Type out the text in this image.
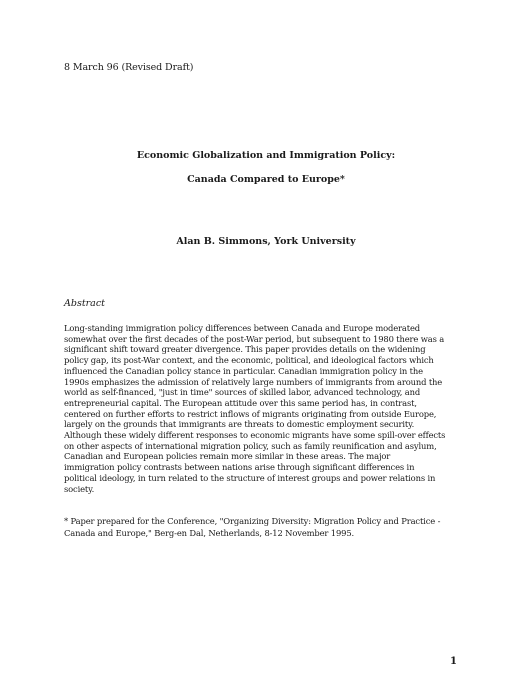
8 March 96 (Revised Draft)
Economic Globalization and Immigration Policy:
Canada Compared to Europe*
Alan B. Simmons, York University
Abstract
Long-standing immigration policy differences between Canada and Europe moderated
somewhat over the first decades of the post-War period, but subsequent to 1980 there was a
significant shift toward greater divergence. This paper provides details on the widening
policy gap, its post-War context, and the economic, political, and ideological factors which
influenced the Canadian policy stance in particular. Canadian immigration policy in the
1990s emphasizes the admission of relatively large numbers of immigrants from around the
world as self-financed, "just in time" sources of skilled labor, advanced technology, and
entrepreneurial capital. The European attitude over this same period has, in contrast,
centered on further efforts to restrict inflows of migrants originating from outside Europe,
largely on the grounds that immigrants are threats to domestic employment security.
Although these widely different responses to economic migrants have some spill-over effects
on other aspects of international migration policy, such as family reunification and asylum,
Canadian and European policies remain more similar in these areas. The major
immigration policy contrasts between nations arise through significant differences in
political ideology, in turn related to the structure of interest groups and power relations in
society.
* Paper prepared for the Conference, "Organizing Diversity: Migration Policy and Practice -
Canada and Europe," Berg-en Dal, Netherlands, 8-12 November 1995.
1
